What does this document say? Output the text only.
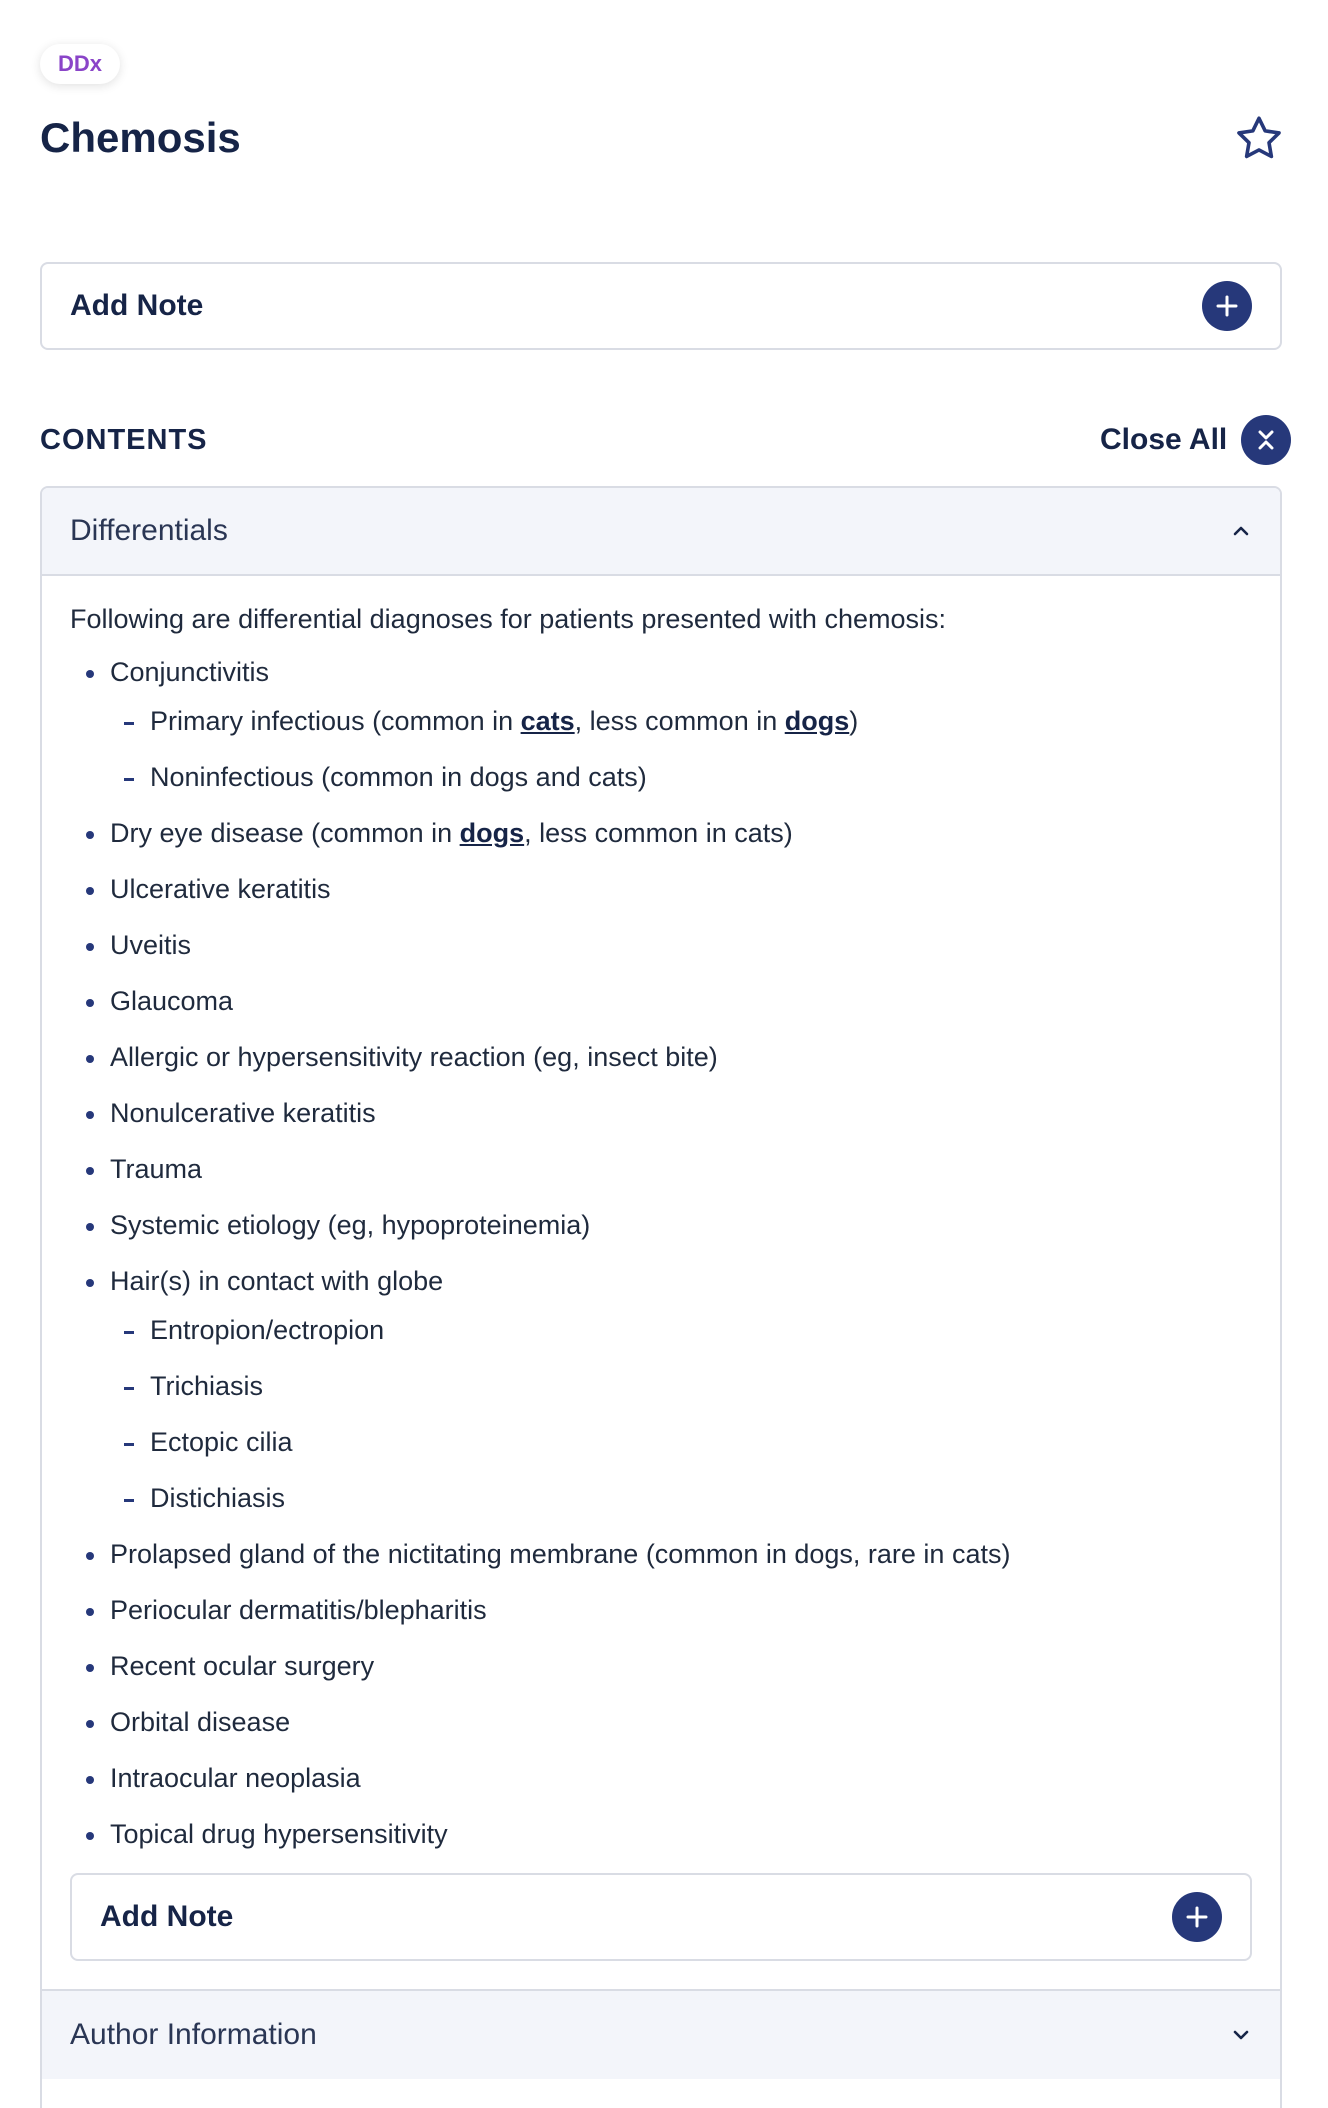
DDx
Chemosis
Add Note
CONTENTS	Close All
Differentials

Following are differential diagnoses for patients presented with chemosis:

Conjunctivitis
Primary infectious (common in cats, less common in dogs)
Noninfectious (common in dogs and cats)
Dry eye disease (common in dogs, less common in cats)
Ulcerative keratitis
Uveitis
Glaucoma
Allergic or hypersensitivity reaction (eg, insect bite)
Nonulcerative keratitis
Trauma
Systemic etiology (eg, hypoproteinemia)
Hair(s) in contact with globe
Entropion/ectropion
Trichiasis
Ectopic cilia
Distichiasis
Prolapsed gland of the nictitating membrane (common in dogs, rare in cats)
Periocular dermatitis/blepharitis
Recent ocular surgery
Orbital disease
Intraocular neoplasia
Topical drug hypersensitivity
Add Note
Author Information
